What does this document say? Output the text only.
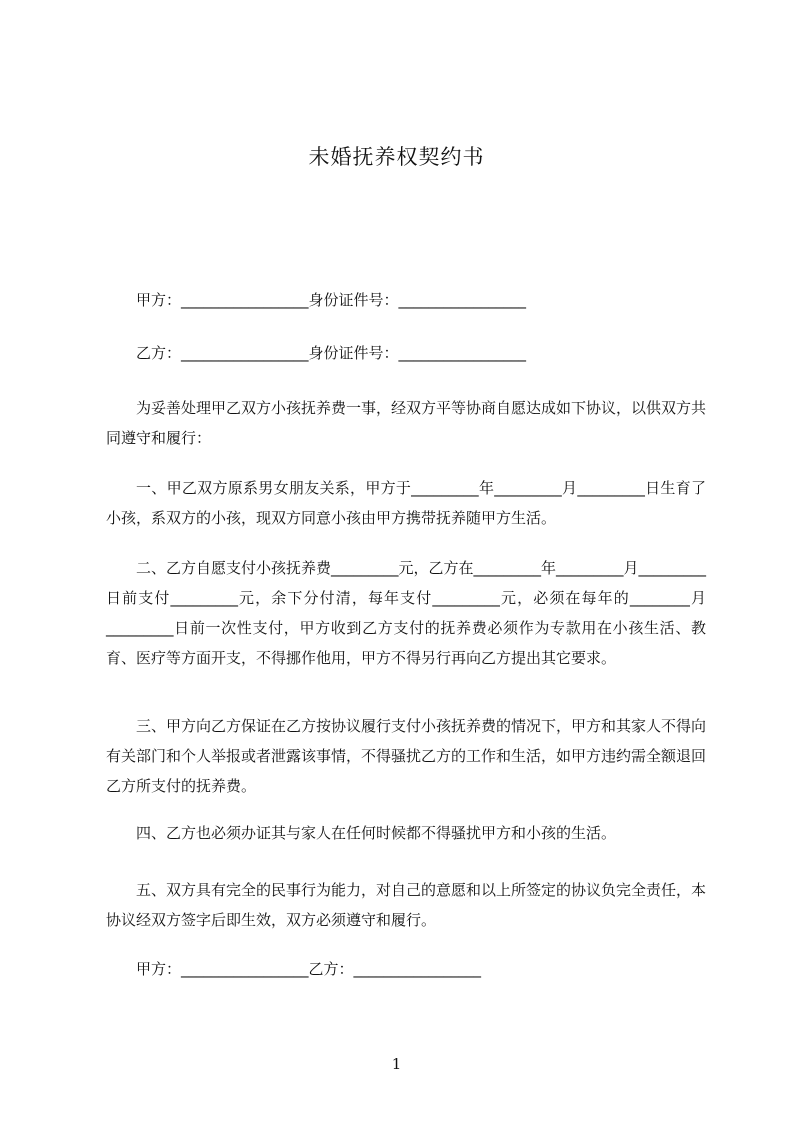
未婚抚养权契约书
甲方：_________________身份证件号：_________________
乙方：_________________身份证件号：_________________
为妥善处理甲乙双方小孩抚养费一事，经双方平等协商自愿达成如下协议，以供双方共同遵守和履行：
一、甲乙双方原系男女朋友关系，甲方于_________年_________月_________日生育了小孩，系双方的小孩，现双方同意小孩由甲方携带抚养随甲方生活。
二、乙方自愿支付小孩抚养费_________元，乙方在_________年_________月_________日前支付_________元，余下分付清，每年支付_________元，必须在每年的________月_________日前一次性支付，甲方收到乙方支付的抚养费必须作为专款用在小孩生活、教育、医疗等方面开支，不得挪作他用，甲方不得另行再向乙方提出其它要求。
三、甲方向乙方保证在乙方按协议履行支付小孩抚养费的情况下，甲方和其家人不得向有关部门和个人举报或者泄露该事情，不得骚扰乙方的工作和生活，如甲方违约需全额退回乙方所支付的抚养费。
四、乙方也必须办证其与家人在任何时候都不得骚扰甲方和小孩的生活。
五、双方具有完全的民事行为能力，对自己的意愿和以上所签定的协议负完全责任，本协议经双方签字后即生效，双方必须遵守和履行。
甲方：_________________乙方：_________________
1
